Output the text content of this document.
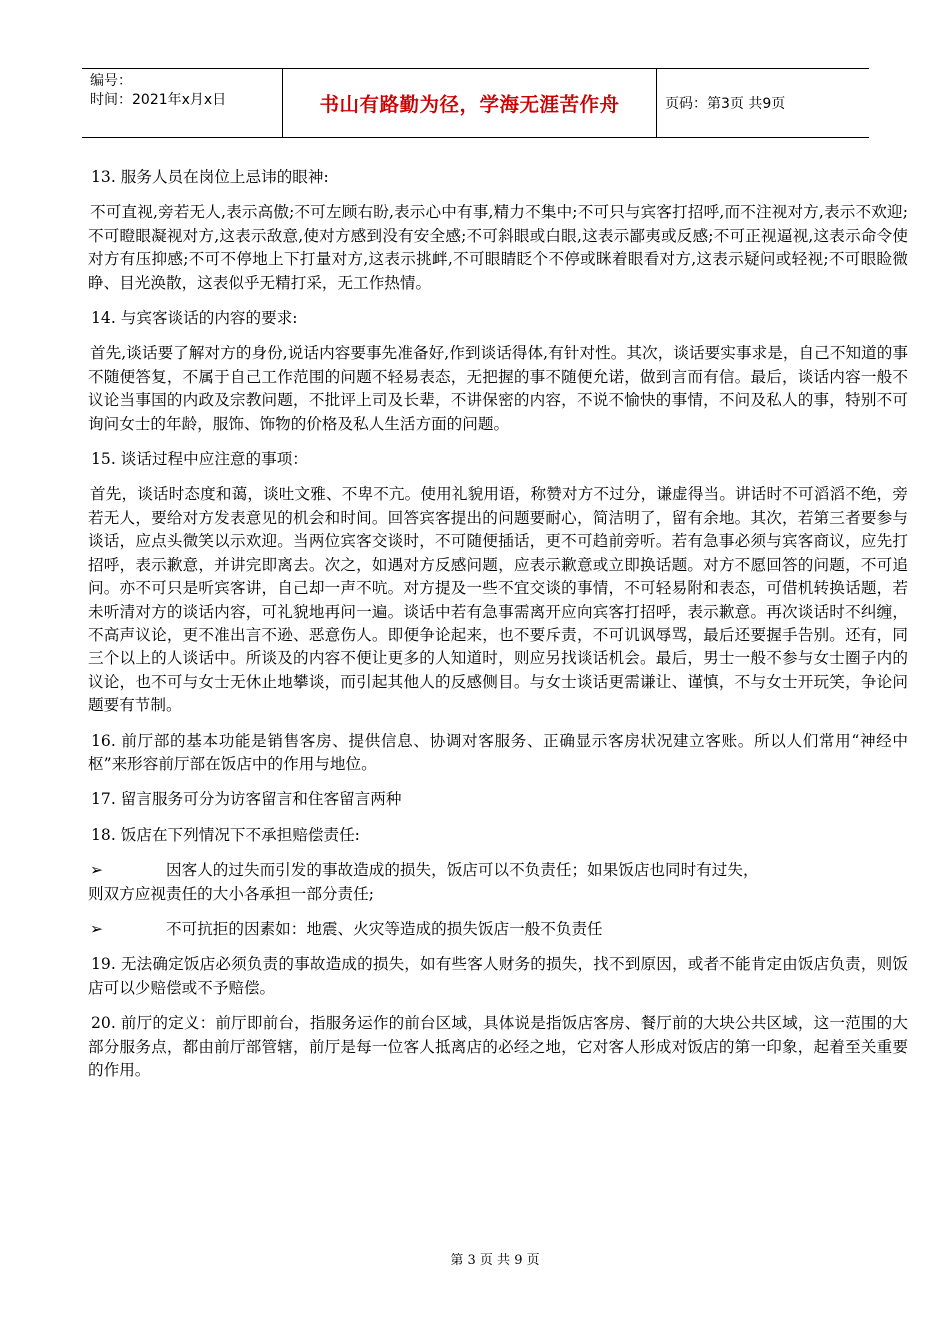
编号：
时间：2021年x月x日	书山有路勤为径，学海无涯苦作舟	页码：第3页 共9页

13. 服务人员在岗位上忌讳的眼神:

不可直视,旁若无人,表示高傲;不可左顾右盼,表示心中有事,精力不集中;不可只与宾客打招呼,而不注视对方,表示不欢迎;不可瞪眼凝视对方,这表示敌意,使对方感到没有安全感;不可斜眼或白眼,这表示鄙夷或反感;不可正视逼视,这表示命令使对方有压抑感;不可不停地上下打量对方,这表示挑衅,不可眼睛眨个不停或眯着眼看对方,这表示疑问或轻视;不可眼睑微睁、目光涣散，这表似乎无精打采，无工作热情。

14. 与宾客谈话的内容的要求:

首先,谈话要了解对方的身份,说话内容要事先准备好,作到谈话得体,有针对性。其次，谈话要实事求是，自己不知道的事不随便答复，不属于自己工作范围的问题不轻易表态，无把握的事不随便允诺，做到言而有信。最后，谈话内容一般不议论当事国的内政及宗教问题，不批评上司及长辈，不讲保密的内容，不说不愉快的事情，不问及私人的事，特别不可询问女士的年龄，服饰、饰物的价格及私人生活方面的问题。

15. 谈话过程中应注意的事项：

首先，谈话时态度和蔼，谈吐文雅、不卑不亢。使用礼貌用语，称赞对方不过分，谦虚得当。讲话时不可滔滔不绝，旁若无人，要给对方发表意见的机会和时间。回答宾客提出的问题要耐心，简洁明了，留有余地。其次，若第三者要参与谈话，应点头微笑以示欢迎。当两位宾客交谈时，不可随便插话，更不可趋前旁听。若有急事必须与宾客商议，应先打招呼，表示歉意，并讲完即离去。次之，如遇对方反感问题，应表示歉意或立即换话题。对方不愿回答的问题，不可追问。亦不可只是听宾客讲，自己却一声不吭。对方提及一些不宜交谈的事情，不可轻易附和表态，可借机转换话题，若未听清对方的谈话内容，可礼貌地再问一遍。谈话中若有急事需离开应向宾客打招呼，表示歉意。再次谈话时不纠缠，不高声议论，更不准出言不逊、恶意伤人。即便争论起来，也不要斥责，不可讥讽辱骂，最后还要握手告别。还有，同三个以上的人谈话中。所谈及的内容不便让更多的人知道时，则应另找谈话机会。最后，男士一般不参与女士圈子内的议论，也不可与女士无休止地攀谈，而引起其他人的反感侧目。与女士谈话更需谦让、谨慎，不与女士开玩笑，争论问题要有节制。

16. 前厅部的基本功能是销售客房、提供信息、协调对客服务、正确显示客房状况建立客账。所以人们常用“神经中枢”来形容前厅部在饭店中的作用与地位。

17. 留言服务可分为访客留言和住客留言两种

18. 饭店在下列情况下不承担赔偿责任:

➢	因客人的过失而引发的事故造成的损失，饭店可以不负责任；如果饭店也同时有过失，
则双方应视责任的大小各承担一部分责任;
➢	不可抗拒的因素如：地震、火灾等造成的损失饭店一般不负责任

19. 无法确定饭店必须负责的事故造成的损失，如有些客人财务的损失，找不到原因，或者不能肯定由饭店负责，则饭店可以少赔偿或不予赔偿。

20. 前厅的定义：前厅即前台，指服务运作的前台区域，具体说是指饭店客房、餐厅前的大块公共区域，这一范围的大部分服务点，都由前厅部管辖，前厅是每一位客人抵离店的必经之地，它对客人形成对饭店的第一印象，起着至关重要的作用。

第 3 页 共 9 页
